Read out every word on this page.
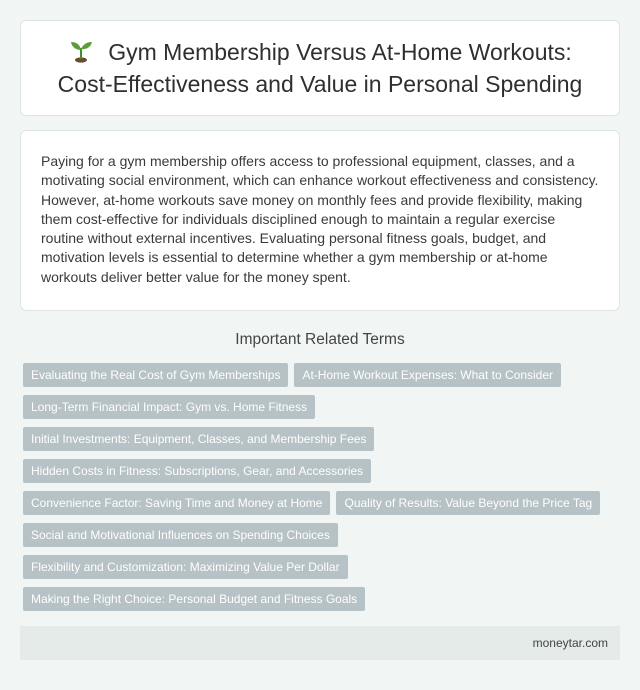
Gym Membership Versus At-Home Workouts: Cost-Effectiveness and Value in Personal Spending

Paying for a gym membership offers access to professional equipment, classes, and a motivating social environment, which can enhance workout effectiveness and consistency. However, at-home workouts save money on monthly fees and provide flexibility, making them cost-effective for individuals disciplined enough to maintain a regular exercise routine without external incentives. Evaluating personal fitness goals, budget, and motivation levels is essential to determine whether a gym membership or at-home workouts deliver better value for the money spent.

Important Related Terms
Evaluating the Real Cost of Gym Memberships At-Home Workout Expenses: What to Consider
Long-Term Financial Impact: Gym vs. Home Fitness
Initial Investments: Equipment, Classes, and Membership Fees
Hidden Costs in Fitness: Subscriptions, Gear, and Accessories
Convenience Factor: Saving Time and Money at Home Quality of Results: Value Beyond the Price Tag
Social and Motivational Influences on Spending Choices
Flexibility and Customization: Maximizing Value Per Dollar
Making the Right Choice: Personal Budget and Fitness Goals
moneytar.com
